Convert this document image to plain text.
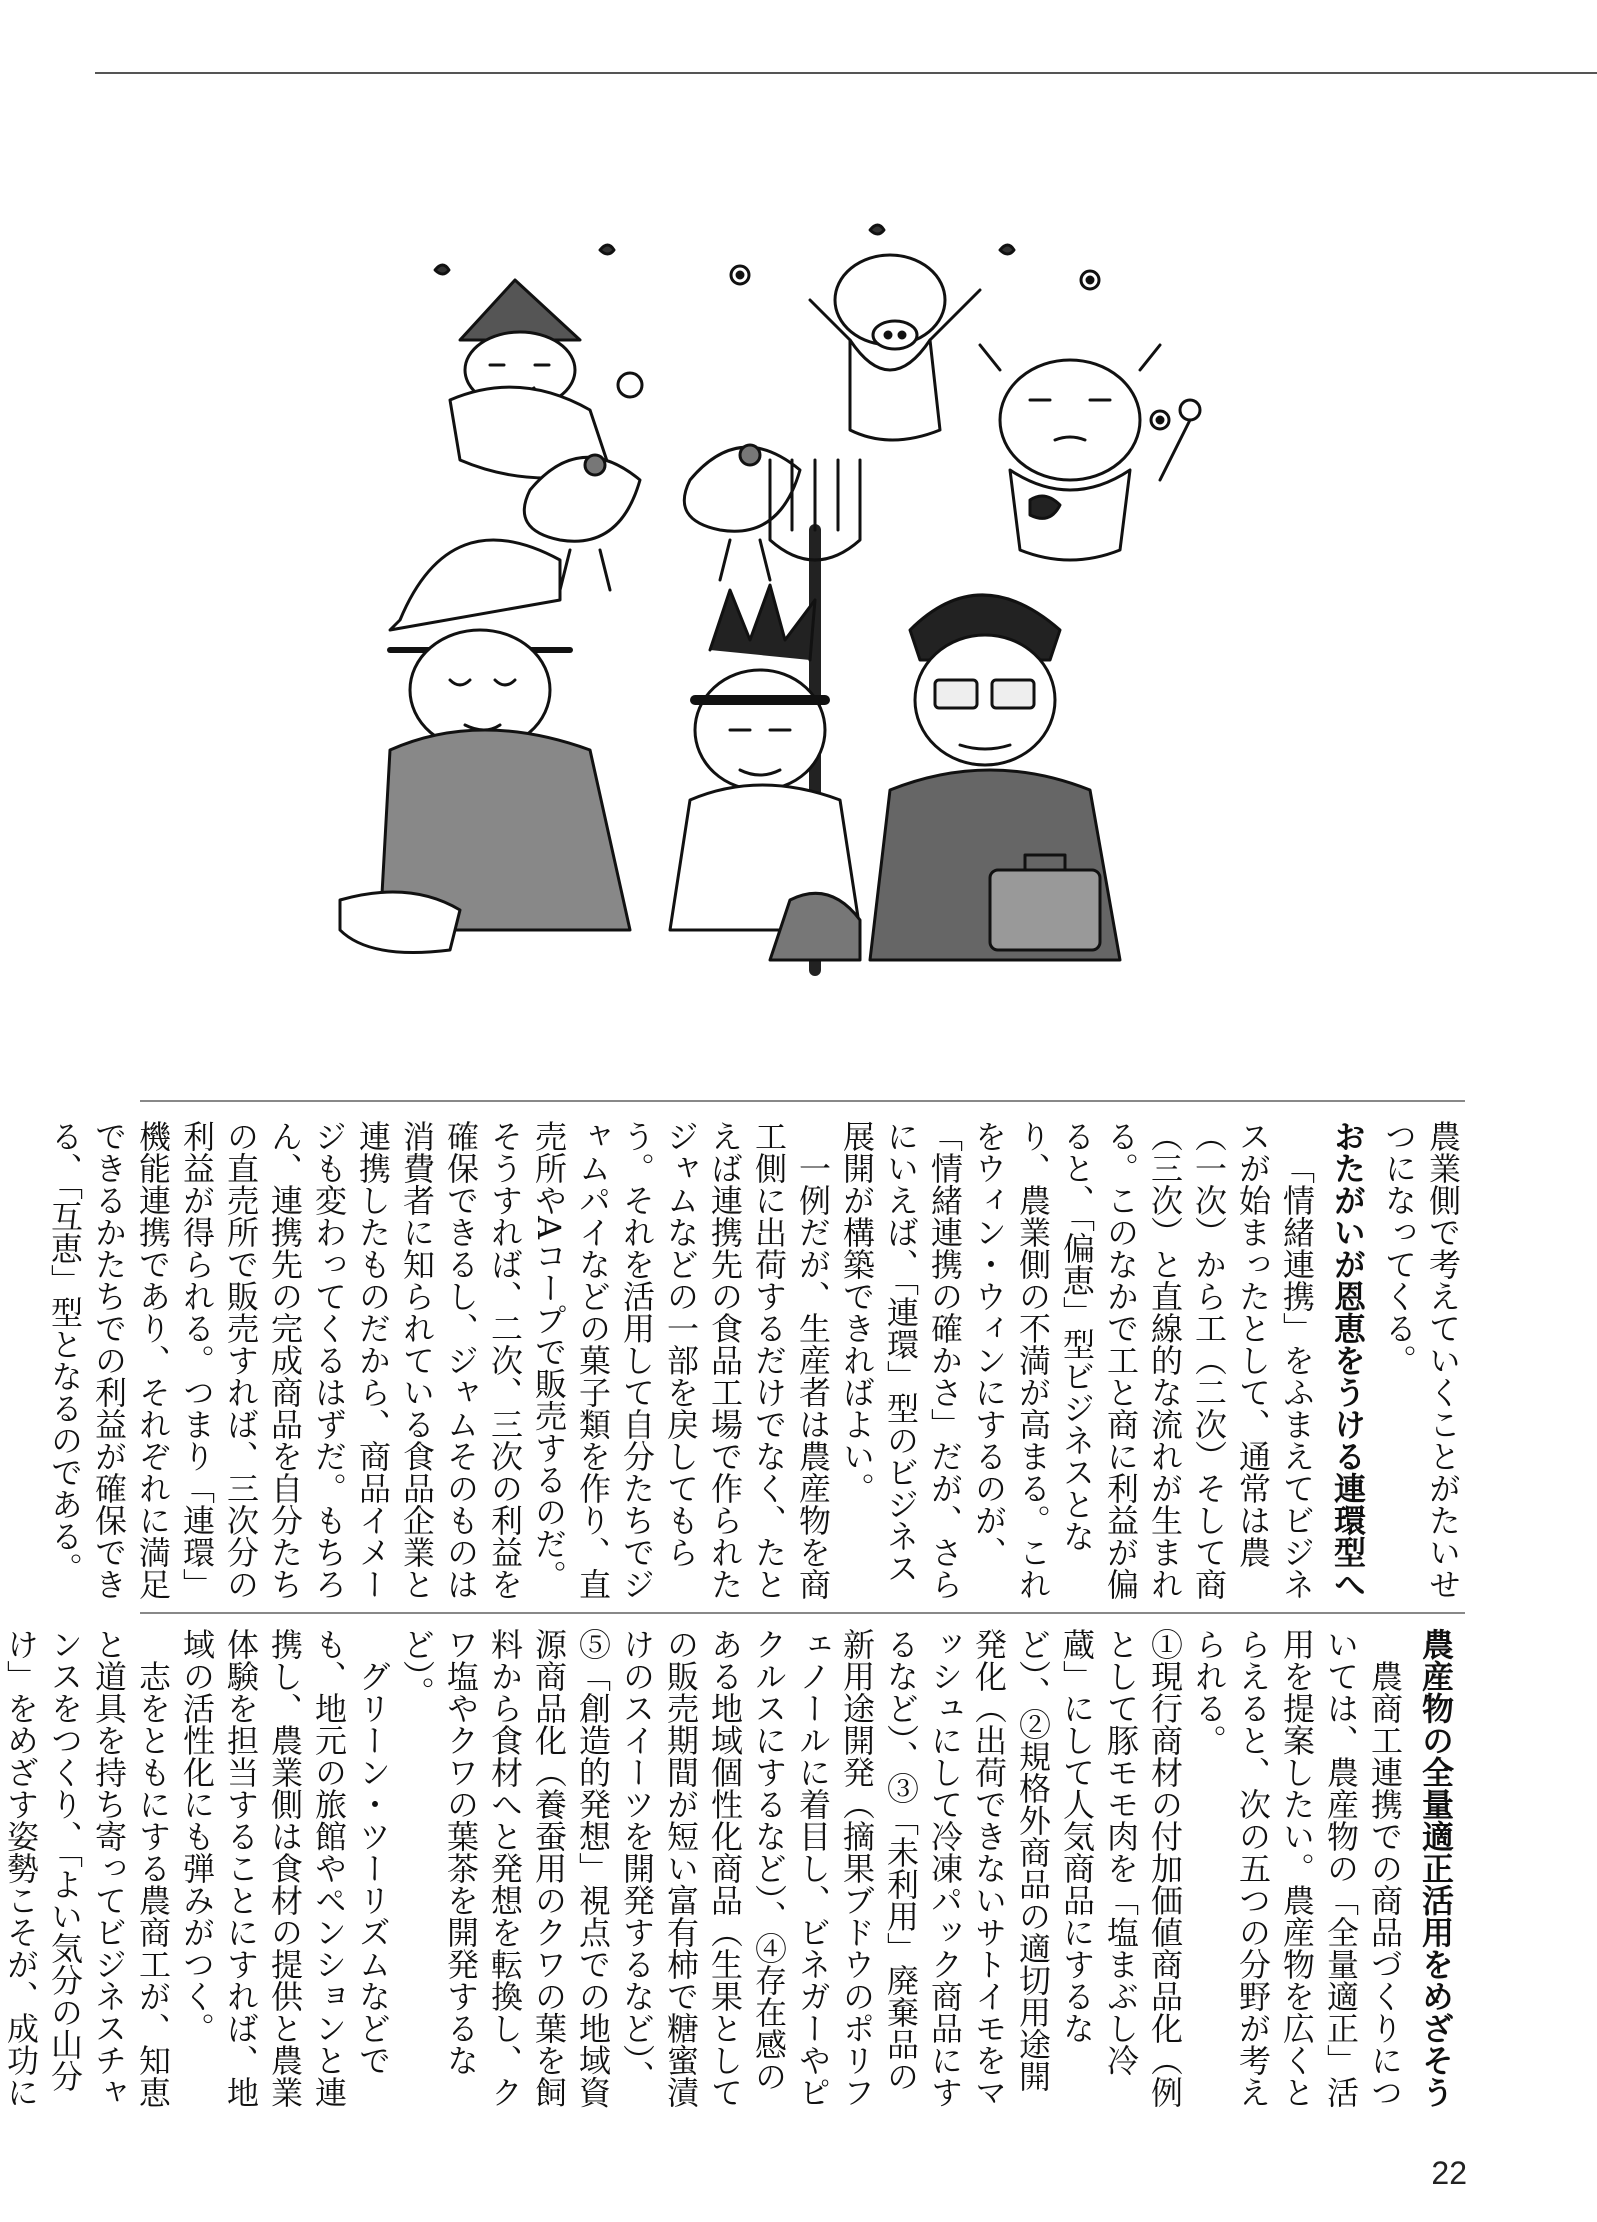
農業側で考えていくことがたいせつになってくる。

おたがいが恩恵をうける連環型へ

「情緒連携」をふまえてビジネスが始まったとして、通常は農（一次）から工（二次）そして商（三次）と直線的な流れが生まれる。このなかで工と商に利益が偏ると、「偏恵」型ビジネスとなり、農業側の不満が高まる。これをウィン・ウィンにするのが、「情緒連携の確かさ」だが、さらにいえば、「連環」型のビジネス展開が構築できればよい。

一例だが、生産者は農産物を商工側に出荷するだけでなく、たとえば連携先の食品工場で作られたジャムなどの一部を戻してもらう。それを活用して自分たちでジャムパイなどの菓子類を作り、直売所やAコープで販売するのだ。そうすれば、二次、三次の利益を確保できるし、ジャムそのものは消費者に知られている食品企業と連携したものだから、商品イメージも変わってくるはずだ。もちろん、連携先の完成商品を自分たちの直売所で販売すれば、三次分の利益が得られる。つまり「連環」機能連携であり、それぞれに満足できるかたちでの利益が確保できる、「互恵」型となるのである。

農産物の全量適正活用をめざそう

農商工連携での商品づくりについては、農産物の「全量適正」活用を提案したい。農産物を広くとらえると、次の五つの分野が考えられる。

①現行商材の付加価値商品化（例として豚モモ肉を「塩まぶし冷蔵」にして人気商品にするなど）、②規格外商品の適切用途開発化（出荷できないサトイモをマッシュにして冷凍パック商品にするなど）、③「未利用」廃棄品の新用途開発（摘果ブドウのポリフェノールに着目し、ビネガーやピクルスにするなど）、④存在感のある地域個性化商品（生果としての販売期間が短い富有柿で糖蜜漬けのスイーツを開発するなど）、⑤「創造的発想」視点での地域資源商品化（養蚕用のクワの葉を飼料から食材へと発想を転換し、クワ塩やクワの葉茶を開発するなど）。

グリーン・ツーリズムなどでも、地元の旅館やペンションと連携し、農業側は食材の提供と農業体験を担当することにすれば、地域の活性化にも弾みがつく。

志をともにする農商工が、知恵と道具を持ち寄ってビジネスチャンスをつくり、「よい気分の山分け」をめざす姿勢こそが、成功に

22
